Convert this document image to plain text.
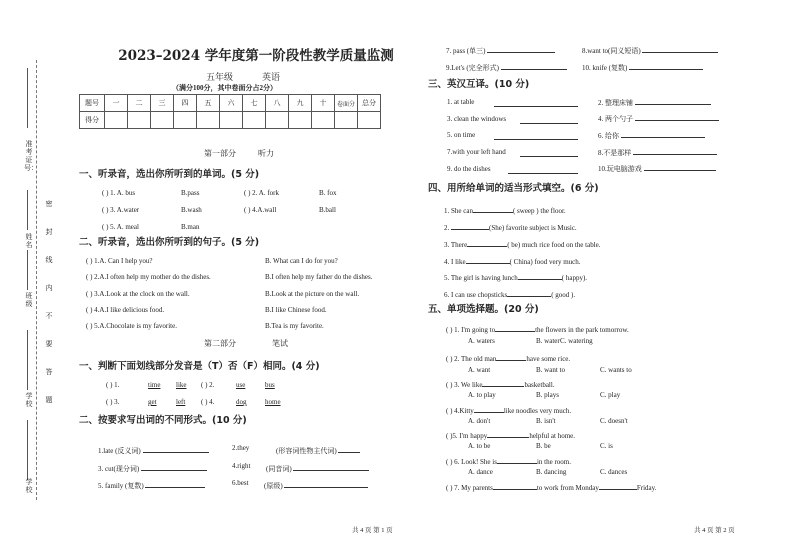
准考证号：
姓名
班级
学校
学校
密
封
线
内
不
要
答
题
2023–2024 学年度第一阶段性教学质量监测
五年级	英语
（满分100分，其中卷面分占2分）
题号	一	二	三	四	五	六	七	八	九	十	卷面分	总分
得分												
第一部分	听力
一、听录音，选出你所听到的单词。(5 分)
( ) 1. A. bus	B.pass	( ) 2. A. fork	B. fox
( ) 3. A.water	B.wash	( ) 4.A.wall	B.ball
( ) 5. A. meal	B.man
二、听录音，选出你所听到的句子。(5 分)
( ) 1.A. Can I help you?	B. What can I do for you?
( ) 2.A.I often help my mother do the dishes.	B.I often help my father do the dishes.
( ) 3.A.Look at the clock on the wall.	B.Look at the picture on the wall.
( ) 4.A.I like delicious food.	B.I like Chinese food.
( ) 5.A.Chocolate is my favorite.	B.Tea is my favorite.
第二部分	笔试
一、判断下面划线部分发音是（T）否（F）相同。(4 分)
( ) 1.	time like ( ) 2.	use	bus
( ) 3.	get	left ( ) 4.	dog	home
二、按要求写出词的不同形式。(10 分)
1.late (反义词)	2.they	(形容词性物主代词)
3. cut(现分词)	4.right (同音词)
5. family (复数)	6.best (原级)
共 4 页 第 1 页
7. pass (单三)	8.want to(同义短语)
9.Let's (完全形式)	10. knife (复数)
三、英汉互译。(10 分)
1. at table	2. 整理床铺
3. clean the windows	4. 两个勺子
5. on time	6. 给你
7.with your left hand	8.不是那样
9. do the dishes	10.玩电脑游戏
四、用所给单词的适当形式填空。(6 分)
1. She can	( sweep ) the floor.
2.	(She) favorite subject is Music.
3. There	( be) much rice food on the table.
4. I like	( China) food very much.
5. The girl is having lunch	( happy).
6. I can use chopsticks	( good ).
五、单项选择题。(20 分)
( ) 1. I'm going to	the flowers in the park tomorrow.
A. waters	B. water C. watering
( ) 2. The old man	have some rice.
A. want	B. want to	C. wants to
( ) 3. We like	basketball.
A. to play	B. plays	C. play
( ) 4.Kitty	like noodles very much.
A. don't	B. isn't	C. doesn't
( )5. I'm happy	helpful at home.
A. to be	B. be	C. is
( ) 6. Look! She is	in the room.
A. dance	B. dancing	C. dances
( ) 7. My parents	to work from Monday	Friday.
共 4 页 第 2 页
